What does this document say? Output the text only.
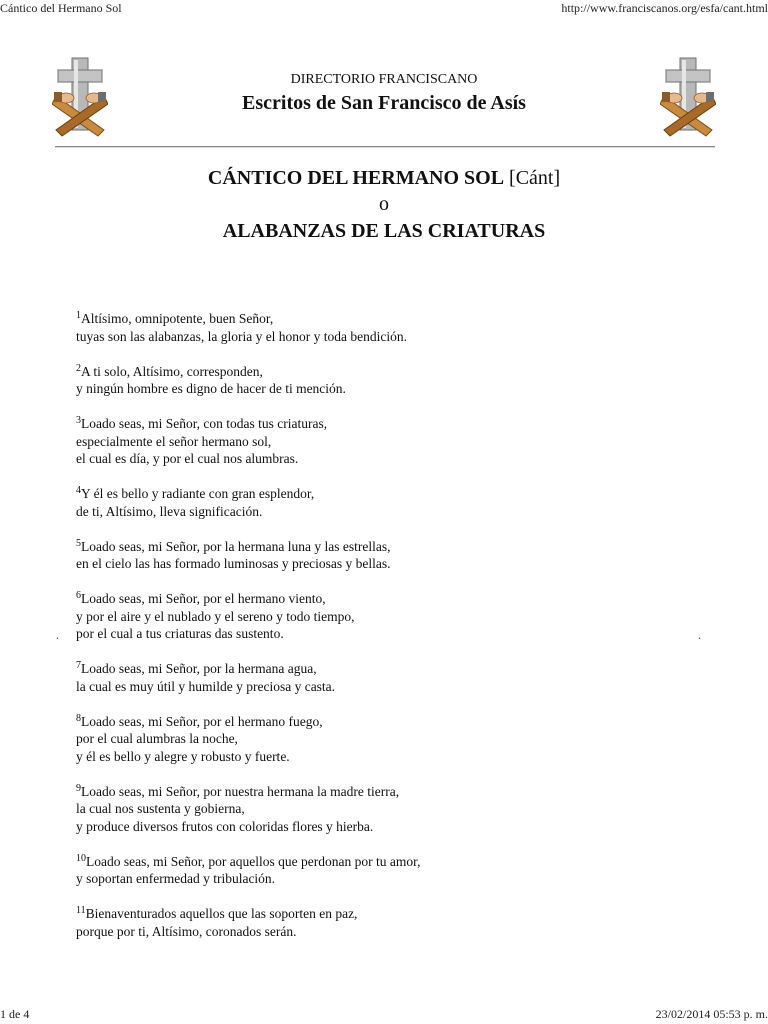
Cántico del Hermano Sol	http://www.franciscanos.org/esfa/cant.html
DIRECTORIO FRANCISCANO
Escritos de San Francisco de Asís
CÁNTICO DEL HERMANO SOL [Cánt]
o
ALABANZAS DE LAS CRIATURAS
$^1$Altísimo, omnipotente, buen Señor,
tuyas son las alabanzas, la gloria y el honor y toda bendición.
$^2$A ti solo, Altísimo, corresponden,
y ningún hombre es digno de hacer de ti mención.
$^3$Loado seas, mi Señor, con todas tus criaturas,
especialmente el señor hermano sol,
el cual es día, y por el cual nos alumbras.
$^4$Y él es bello y radiante con gran esplendor,
de ti, Altísimo, lleva significación.
$^5$Loado seas, mi Señor, por la hermana luna y las estrellas,
en el cielo las has formado luminosas y preciosas y bellas.
$^6$Loado seas, mi Señor, por el hermano viento,
y por el aire y el nublado y el sereno y todo tiempo,
por el cual a tus criaturas das sustento.
$^7$Loado seas, mi Señor, por la hermana agua,
la cual es muy útil y humilde y preciosa y casta.
$^8$Loado seas, mi Señor, por el hermano fuego,
por el cual alumbras la noche,
y él es bello y alegre y robusto y fuerte.
$^9$Loado seas, mi Señor, por nuestra hermana la madre tierra,
la cual nos sustenta y gobierna,
y produce diversos frutos con coloridas flores y hierba.
$^{10}$Loado seas, mi Señor, por aquellos que perdonan por tu amor,
y soportan enfermedad y tribulación.
$^{11}$Bienaventurados aquellos que las soporten en paz,
porque por ti, Altísimo, coronados serán.
.	.
1 de 4	23/02/2014 05:53 p. m.
